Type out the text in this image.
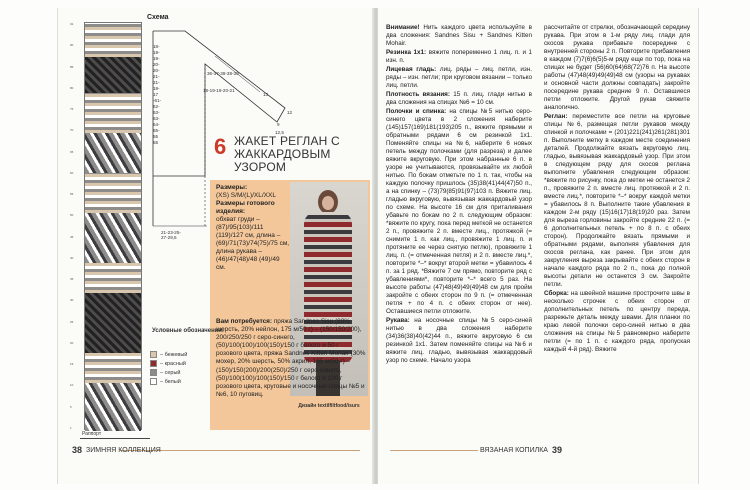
91
90
85
80
75
70
65
60
55
50
45
40
35
30
25
20
15
10
5
1
Схема
18-
19-
19-
20-
20-
21-
21-
19-
17
-61-
62-
63-
63-
64-
65-
55
55
36-37-38-38-39
18-19-19-20-21
13
12
9
12,5
21-23-25-
27-29,5
6 ЖАКЕТ РЕГЛАН С ЖАККАРДОВЫМ УЗОРОМ
Размеры:
(XS) S/M/(L)/XL/XXL
Размеры готового изделия:
обхват груди – (87)/95(103)/111 (119)/127 см, длина – (69)/71(73)/74(75)/75 см, длина рукава – (46)/47(48)/48 (49)/49 см.
Дизайн textilfiltfood/isurs
Вам потребуется: пряжа Sandnes Sisu (80% шерсть, 20% нейлон, 175 м/50 г) – (150/150/200), 200/250/250 г серо-синего, (50)/100(100)/100(150)/150 г белого и 50 г розового цвета, пряжа Sandnes Kitten Mohair (30% мохер, 20% шерсть, 50% акрил, 165 м/50 г) – (150)/150(200)/200(250)/250 г серо-синего, (50)/100(100)/100(150)/150 г белого и 100 г розового цвета, круговые и носочные спицы №5 и №6, 10 пуговиц.
Условные обозначения:
– бежевый
– красный
– серый
– белый
Раппорт
38 ЗИМНЯЯ КОЛЛЕКЦИЯ

Внимание! Нить каждого цвета используйте в два сложения: Sandnes Sisu + Sandnes Kitten Mohair.

Резинка 1х1: вяжите попеременно 1 лиц. п. и 1 изн. п.

Лицевая гладь: лиц. ряды – лиц. петли, изн. ряды – изн. петли; при круговом вязании – только лиц. петли.

Плотность вязания: 15 п. лиц. глади нитью в два сложения на спицах №6 = 10 см.

Полочки и спинка: на спицы №5 нитью серо-синего цвета в 2 сложения наберите (145)157(169)181(193)205 п., вяжите прямыми и обратными рядами 6 см резинкой 1х1. Поменяйте спицы на №6, наберите 6 новых петель между полочками (для разреза) и далее вяжите вкруговую. При этом набранные 6 п. в узоре не учитываются, провязывайте их любой нитью. По бокам отметьте по 1 п. так, чтобы на каждую полочку пришлось (35)38(41)44(47)50 п., а на спинку – (73)79(85)91(97)103 п. Вяжите лиц. гладью вкруговую, вывязывая жаккардовый узор по схеме. На высоте 16 см для приталивания убавьте по бокам по 2 п. следующим образом: *вяжите по кругу, пока перед меткой не останется 2 п., провяжите 2 п. вместе лиц., протяжкой (= снимите 1 п. как лиц., провяжите 1 лиц. п. и протяните ее через снятую петлю), провяжите 1 лиц. п. (= отмеченная петля) и 2 п. вместе лиц.*, повторите *–* вокруг второй метки = убавилось 4 п. за 1 ряд. *Вяжите 7 см прямо, повторите ряд с убавлениями*, повторите *–* всего 5 раз. На высоте работы (47)48(49)49(49)48 см для пройм закройте с обеих сторон по 9 п. (= отмеченная петля + по 4 п. с обеих сторон от нее). Оставшиеся петли отложите.

Рукава: на носочные спицы №5 серо-синей нитью в два сложения наберите (34)36(38)40(42)44 п., вяжите вкруговую 6 см резинкой 1х1. Затем поменяйте спицы на №6 и вяжите лиц. гладью, вывязывая жаккардовый узор по схеме. Начало узора

рассчитайте от стрелки, обозначающей середину рукава. При этом в 1-м ряду лиц. глади для скосов рукава прибавьте посередине с внутренней стороны 2 п. Повторите прибавления в каждом (7)7(6)6(5)5-м ряду еще по тор, пока на спицах не будет (56)60(64)68(72)76 п. На высоте работы (47)48(49)49(49)48 см (узоры на рукавах и основной части должны совпадать) закройте посередине рукава средние 9 п. Оставшиеся петли отложите. Другой рукав свяжите аналогично.

Реглан: переместите все петли на круговые спицы №6, размещая петли рукавов между спинкой и полочками = (201)221(241)261(281)301 п. Выполните метку в каждом месте соединения деталей. Продолжайте вязать вкруговую лиц. гладью, вывязывая жаккардовый узор. При этом в следующем ряду для скосов реглана выполните убавления следующим образом: *вяжите по рисунку, пока до метки не останется 2 п., провяжите 2 п. вместе лиц. протяжкой и 2 п. вместе лиц.*, повторите *–* вокруг каждой метки = убавилось 8 п. Выполните такие убавления в каждом 2-м ряду (15)16(17)18(19)20 раз. Затем для выреза горловины закройте средние 22 п. (= 6 дополнительных петель + по 8 п. с обеих сторон). Продолжайте вязать прямыми и обратными рядами, выполняя убавления для скосов реглана, как ранее. При этом для закругления выреза закрывайте с обеих сторон в начале каждого ряда по 2 п., пока до полной высоты детали не останется 3 см. Закройте петли.

Сборка: на швейной машине прострочите швы в несколько строчек с обеих сторон от дополнительных петель по центру переда, разрежьте деталь между швами. Для планки по краю левой полочки серо-синей нитью в два сложения на спицы №5 равномерно наберите петли (= по 1 п. с каждого ряда, пропуская каждый 4-й ряд). Вяжите

ВЯЗАНАЯ КОПИЛКА 39
